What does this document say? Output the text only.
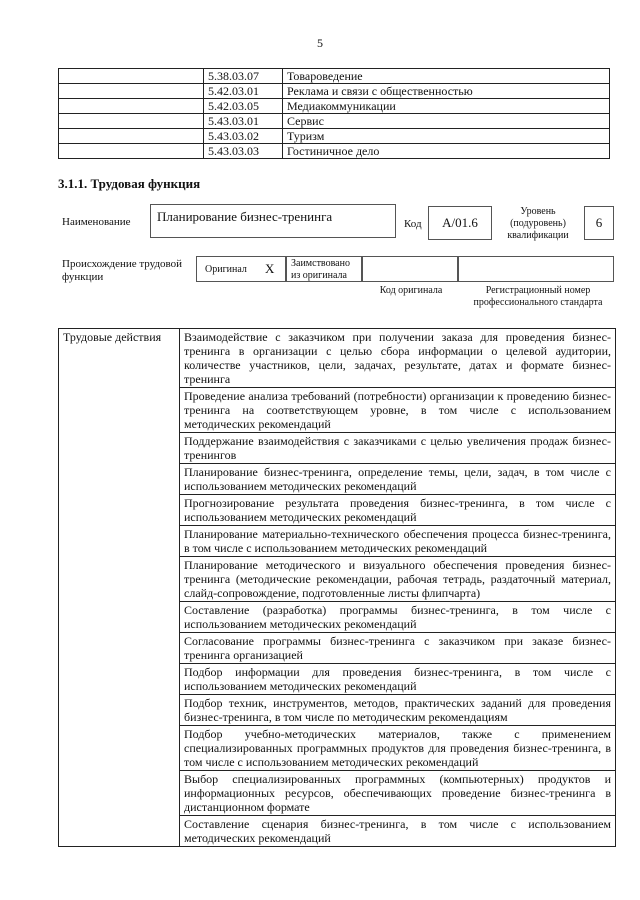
5
	5.38.03.07	Товароведение
	5.42.03.01	Реклама и связи с общественностью
	5.42.03.05	Медиакоммуникации
	5.43.03.01	Сервис
	5.43.03.02	Туризм
	5.43.03.03	Гостиничное дело
3.1.1. Трудовая функция
Наименование	Планирование бизнес-тренинга	Код A/01.6
Уровень (подуровень) квалификации
6
Происхождение трудовой функции
Оригинал X Заимствовано из оригинала
Код оригинала	Регистрационный номер профессионального стандарта
Трудовые действия	Взаимодействие с заказчиком при получении заказа для проведения бизнес-тренинга в организации с целью сбора информации о целевой аудитории, количестве участников, цели, задачах, результате, датах и формате бизнес-тренинга
Проведение анализа требований (потребности) организации к проведению бизнес-тренинга на соответствующем уровне, в том числе с использованием методических рекомендаций
Поддержание взаимодействия с заказчиками с целью увеличения продаж бизнес-тренингов
Планирование бизнес-тренинга, определение темы, цели, задач, в том числе с использованием методических рекомендаций
Прогнозирование результата проведения бизнес-тренинга, в том числе с использованием методических рекомендаций
Планирование материально-технического обеспечения процесса бизнес-тренинга, в том числе с использованием методических рекомендаций
Планирование методического и визуального обеспечения проведения бизнес-тренинга (методические рекомендации, рабочая тетрадь, раздаточный материал, слайд-сопровождение, подготовленные листы флипчарта)
Составление (разработка) программы бизнес-тренинга, в том числе с использованием методических рекомендаций
Согласование программы бизнес-тренинга с заказчиком при заказе бизнес-тренинга организацией
Подбор информации для проведения бизнес-тренинга, в том числе с использованием методических рекомендаций
Подбор техник, инструментов, методов, практических заданий для проведения бизнес-тренинга, в том числе по методическим рекомендациям
Подбор учебно-методических материалов, также с применением специализированных программных продуктов для проведения бизнес-тренинга, в том числе с использованием методических рекомендаций
Выбор специализированных программных (компьютерных) продуктов и информационных ресурсов, обеспечивающих проведение бизнес-тренинга в дистанционном формате
Составление сценария бизнес-тренинга, в том числе с использованием методических рекомендаций
